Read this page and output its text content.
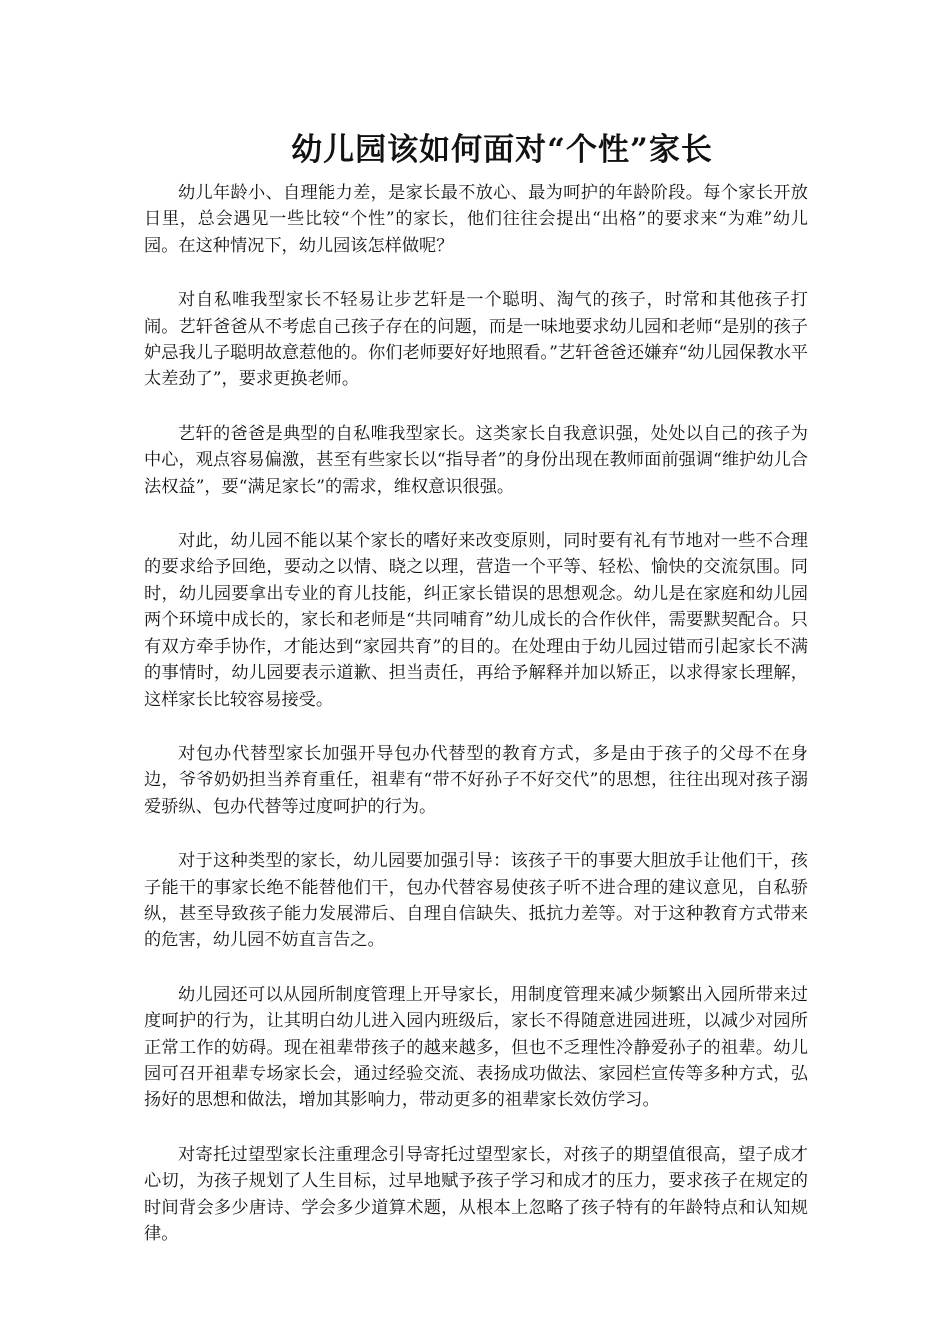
幼儿园该如何面对“个性”家长

幼儿年龄小、自理能力差，是家长最不放心、最为呵护的年龄阶段。每个家长开放日里，总会遇见一些比较“个性”的家长，他们往往会提出“出格”的要求来“为难”幼儿园。在这种情况下，幼儿园该怎样做呢？

对自私唯我型家长不轻易让步艺轩是一个聪明、淘气的孩子，时常和其他孩子打闹。艺轩爸爸从不考虑自己孩子存在的问题，而是一味地要求幼儿园和老师“是别的孩子妒忌我儿子聪明故意惹他的。你们老师要好好地照看。”艺轩爸爸还嫌弃“幼儿园保教水平太差劲了”，要求更换老师。

艺轩的爸爸是典型的自私唯我型家长。这类家长自我意识强，处处以自己的孩子为中心，观点容易偏激，甚至有些家长以“指导者”的身份出现在教师面前强调“维护幼儿合法权益”，要“满足家长”的需求，维权意识很强。

对此，幼儿园不能以某个家长的嗜好来改变原则，同时要有礼有节地对一些不合理的要求给予回绝，要动之以情、晓之以理，营造一个平等、轻松、愉快的交流氛围。同时，幼儿园要拿出专业的育儿技能，纠正家长错误的思想观念。幼儿是在家庭和幼儿园两个环境中成长的，家长和老师是“共同哺育”幼儿成长的合作伙伴，需要默契配合。只有双方牵手协作，才能达到“家园共育”的目的。在处理由于幼儿园过错而引起家长不满的事情时，幼儿园要表示道歉、担当责任，再给予解释并加以矫正，以求得家长理解，这样家长比较容易接受。

对包办代替型家长加强开导包办代替型的教育方式，多是由于孩子的父母不在身边，爷爷奶奶担当养育重任，祖辈有“带不好孙子不好交代”的思想，往往出现对孩子溺爱骄纵、包办代替等过度呵护的行为。

对于这种类型的家长，幼儿园要加强引导：该孩子干的事要大胆放手让他们干，孩子能干的事家长绝不能替他们干，包办代替容易使孩子听不进合理的建议意见，自私骄纵，甚至导致孩子能力发展滞后、自理自信缺失、抵抗力差等。对于这种教育方式带来的危害，幼儿园不妨直言告之。

幼儿园还可以从园所制度管理上开导家长，用制度管理来减少频繁出入园所带来过度呵护的行为，让其明白幼儿进入园内班级后，家长不得随意进园进班，以减少对园所正常工作的妨碍。现在祖辈带孩子的越来越多，但也不乏理性冷静爱孙子的祖辈。幼儿园可召开祖辈专场家长会，通过经验交流、表扬成功做法、家园栏宣传等多种方式，弘扬好的思想和做法，增加其影响力，带动更多的祖辈家长效仿学习。

对寄托过望型家长注重理念引导寄托过望型家长，对孩子的期望值很高，望子成才心切，为孩子规划了人生目标，过早地赋予孩子学习和成才的压力，要求孩子在规定的时间背会多少唐诗、学会多少道算术题，从根本上忽略了孩子特有的年龄特点和认知规律。
